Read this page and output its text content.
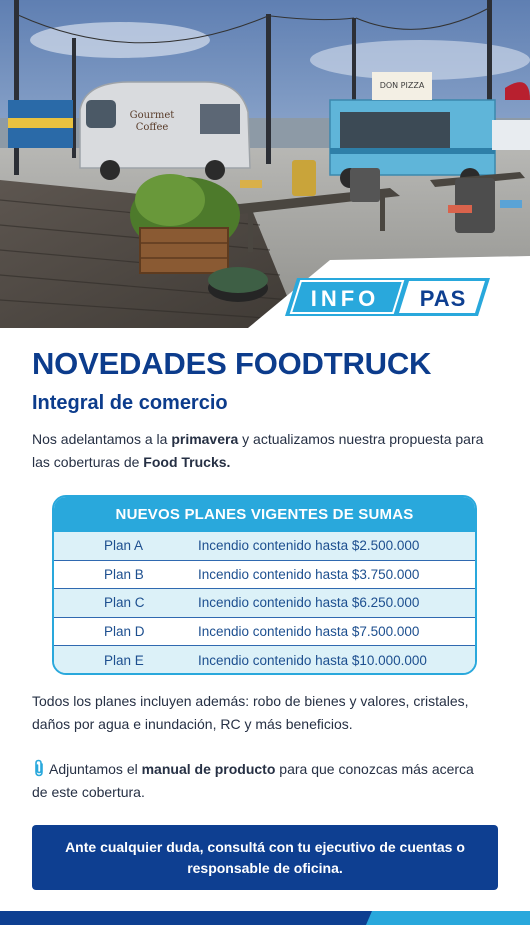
Gourmet
Coffee
DON PIZZA
INFO PAS
NOVEDADES FOODTRUCK
Integral de comercio

Nos adelantamos a la primavera y actualizamos nuestra propuesta para las coberturas de Food Trucks.

NUEVOS PLANES VIGENTES DE SUMAS
Plan A	Incendio contenido hasta $2.500.000
Plan B	Incendio contenido hasta $3.750.000
Plan C	Incendio contenido hasta $6.250.000
Plan D	Incendio contenido hasta $7.500.000
Plan E	Incendio contenido hasta $10.000.000

Todos los planes incluyen además: robo de bienes y valores, cristales, daños por agua e inundación, RC y más beneficios.

Adjuntamos el manual de producto para que conozcas más acerca de este cobertura.

Ante cualquier duda, consultá con tu ejecutivo de cuentas o responsable de oficina.
